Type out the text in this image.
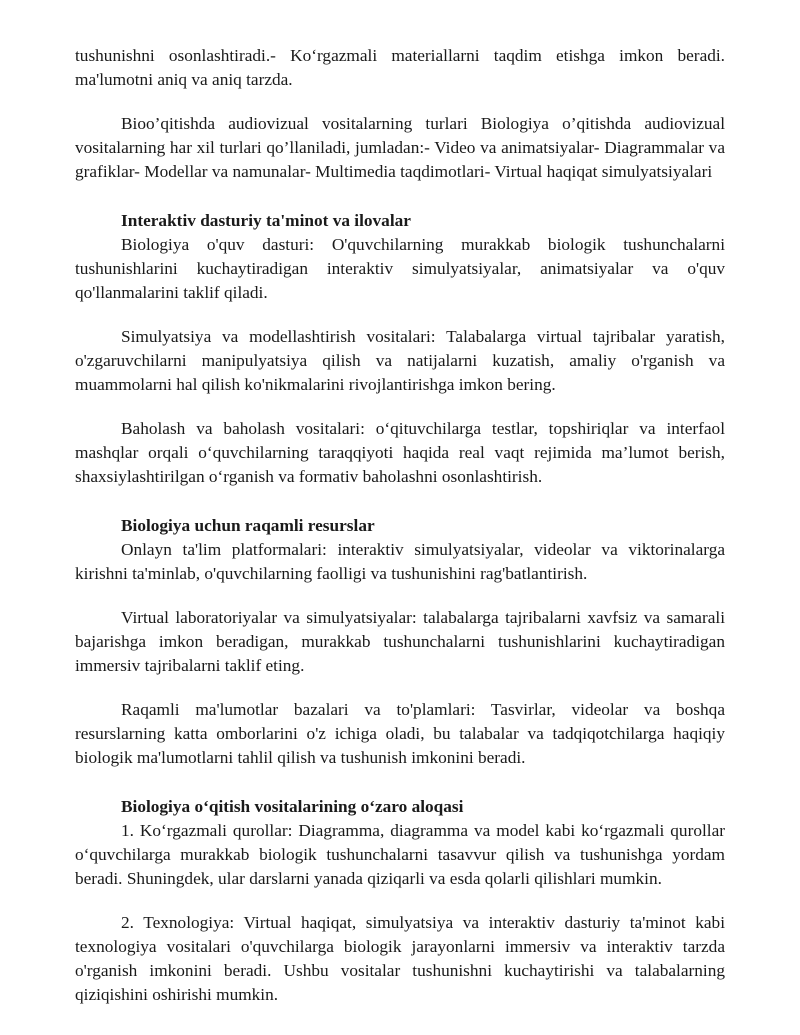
tushunishni osonlashtiradi.- Ko‘rgazmali materiallarni taqdim etishga imkon beradi. ma'lumotni aniq va aniq tarzda.

Bioo’qitishda audiovizual vositalarning turlari Biologiya o’qitishda audiovizual vositalarning har xil turlari qo’llaniladi, jumladan:- Video va animatsiyalar- Diagrammalar va grafiklar- Modellar va namunalar- Multimedia taqdimotlari- Virtual haqiqat simulyatsiyalari

Interaktiv dasturiy ta'minot va ilovalar

Biologiya o'quv dasturi: O'quvchilarning murakkab biologik tushunchalarni tushunishlarini kuchaytiradigan interaktiv simulyatsiyalar, animatsiyalar va o'quv qo'llanmalarini taklif qiladi.

Simulyatsiya va modellashtirish vositalari: Talabalarga virtual tajribalar yaratish, o'zgaruvchilarni manipulyatsiya qilish va natijalarni kuzatish, amaliy o'rganish va muammolarni hal qilish ko'nikmalarini rivojlantirishga imkon bering.

Baholash va baholash vositalari: o‘qituvchilarga testlar, topshiriqlar va interfaol mashqlar orqali o‘quvchilarning taraqqiyoti haqida real vaqt rejimida ma’lumot berish, shaxsiylashtirilgan o‘rganish va formativ baholashni osonlashtirish.

Biologiya uchun raqamli resurslar

Onlayn ta'lim platformalari: interaktiv simulyatsiyalar, videolar va viktorinalarga kirishni ta'minlab, o'quvchilarning faolligi va tushunishini rag'batlantirish.

Virtual laboratoriyalar va simulyatsiyalar: talabalarga tajribalarni xavfsiz va samarali bajarishga imkon beradigan, murakkab tushunchalarni tushunishlarini kuchaytiradigan immersiv tajribalarni taklif eting.

Raqamli ma'lumotlar bazalari va to'plamlari: Tasvirlar, videolar va boshqa resurslarning katta omborlarini o'z ichiga oladi, bu talabalar va tadqiqotchilarga haqiqiy biologik ma'lumotlarni tahlil qilish va tushunish imkonini beradi.

Biologiya o‘qitish vositalarining o‘zaro aloqasi

1. Ko‘rgazmali qurollar: Diagramma, diagramma va model kabi ko‘rgazmali qurollar o‘quvchilarga murakkab biologik tushunchalarni tasavvur qilish va tushunishga yordam beradi. Shuningdek, ular darslarni yanada qiziqarli va esda qolarli qilishlari mumkin.

2. Texnologiya: Virtual haqiqat, simulyatsiya va interaktiv dasturiy ta'minot kabi texnologiya vositalari o'quvchilarga biologik jarayonlarni immersiv va interaktiv tarzda o'rganish imkonini beradi. Ushbu vositalar tushunishni kuchaytirishi va talabalarning qiziqishini oshirishi mumkin.
